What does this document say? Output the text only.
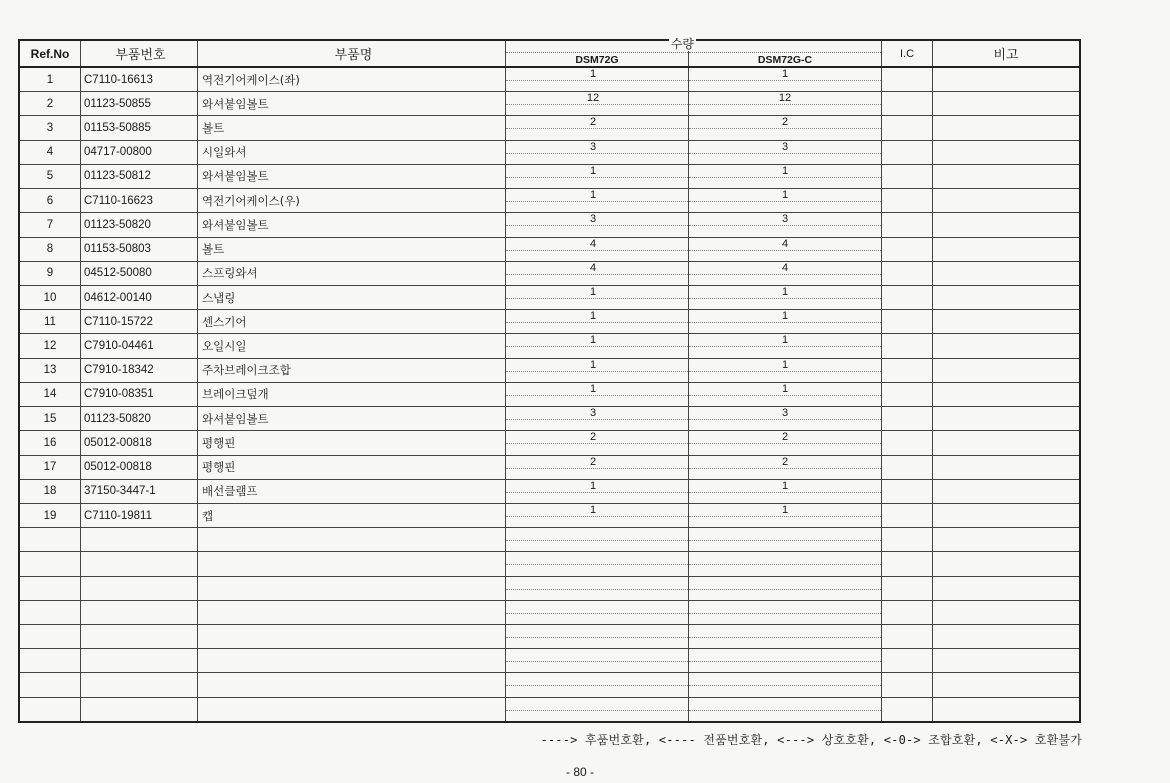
Ref.No	부품번호	부품명	수량
DSM72G	DSM72G-C	I.C	비고
1	C7110-16613	역전기어케이스(좌)	1	1		

2	01123-50855	와셔붙임볼트	12	12		

3	01153-50885	볼트	2	2		

4	04717-00800	시일와셔	3	3		

5	01123-50812	와셔붙임볼트	1	1		

6	C7110-16623	역전기어케이스(우)	1	1		

7	01123-50820	와셔붙임볼트	3	3		

8	01153-50803	볼트	4	4		

9	04512-50080	스프링와셔	4	4		

10	04612-00140	스냅링	1	1		

11	C7110-15722	센스기어	1	1		

12	C7910-04461	오일시일	1	1		

13	C7910-18342	주차브레이크조합	1	1		

14	C7910-08351	브레이크덮개	1	1		

15	01123-50820	와셔붙임볼트	3	3		

16	05012-00818	평행핀	2	2		

17	05012-00818	평행핀	2	2		

18	37150-3447-1	배선클램프	1	1		

19	C7110-19811	캡	1	1		

----> 후품번호환, <---- 전품번호환, <---> 상호호환, <-0-> 조합호환, <-X-> 호환불가
- 80 -
